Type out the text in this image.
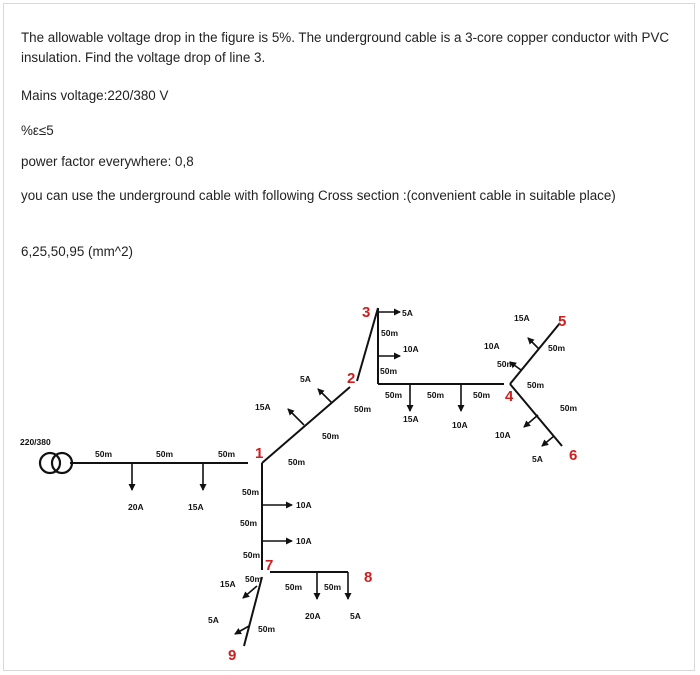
The allowable voltage drop in the figure is 5%. The underground cable is a 3-core copper conductor with PVC insulation. Find the voltage drop of line 3.

Mains voltage:220/380 V

%ε≤5

power factor everywhere: 0,8

you can use the underground cable with following Cross section :(convenient cable in suitable place)

6,25,50,95 (mm^2)

220/380
50m	50m	50m
20A	15A
50m
50m
15A
5A
50m
50m
5A
10A
50m
50m	50m
15A
10A
50m
50m
50m
50m
15A
10A
10A
5A
50m
50m
10A
50m
10A
50m
50m
15A	50m	50m
20A	5A
50m
5A
1
2
3
4
5
6
7
8
9
